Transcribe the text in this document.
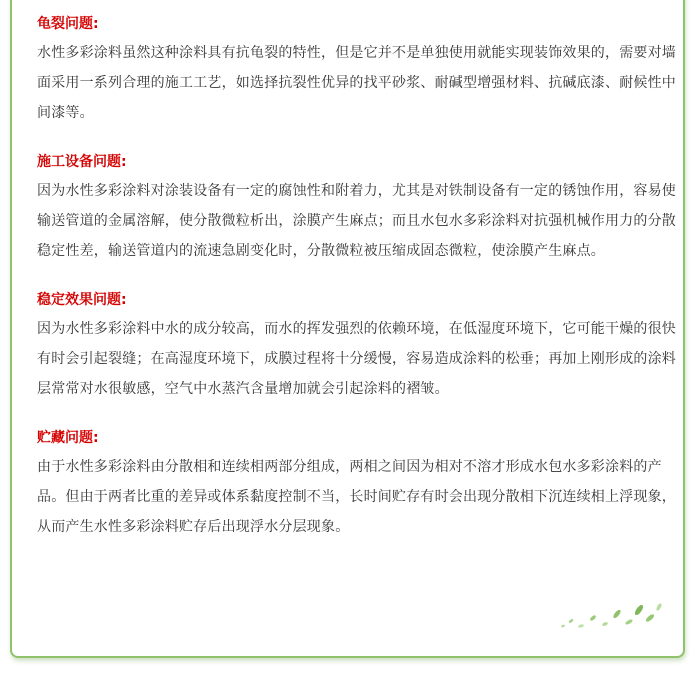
龟裂问题:

水性多彩涂料虽然这种涂料具有抗龟裂的特性，但是它并不是单独使用就能实现装饰效果的，需要对墙面采用一系列合理的施工工艺，如选择抗裂性优异的找平砂浆、耐碱型增强材料、抗碱底漆、耐候性中间漆等。

施工设备问题:

因为水性多彩涂料对涂装设备有一定的腐蚀性和附着力，尤其是对铁制设备有一定的锈蚀作用，容易使输送管道的金属溶解，使分散微粒析出，涂膜产生麻点；而且水包水多彩涂料对抗强机械作用力的分散稳定性差，输送管道内的流速急剧变化时，分散微粒被压缩成固态微粒，使涂膜产生麻点。

稳定效果问题:

因为水性多彩涂料中水的成分较高，而水的挥发强烈的依赖环境，在低湿度环境下，它可能干燥的很快有时会引起裂缝；在高湿度环境下，成膜过程将十分缓慢，容易造成涂料的松垂；再加上刚形成的涂料层常常对水很敏感，空气中水蒸汽含量增加就会引起涂料的褶皱。

贮藏问题:

由于水性多彩涂料由分散相和连续相两部分组成，两相之间因为相对不溶才形成水包水多彩涂料的产品。但由于两者比重的差异或体系黏度控制不当，长时间贮存有时会出现分散相下沉连续相上浮现象，从而产生水性多彩涂料贮存后出现浮水分层现象。
